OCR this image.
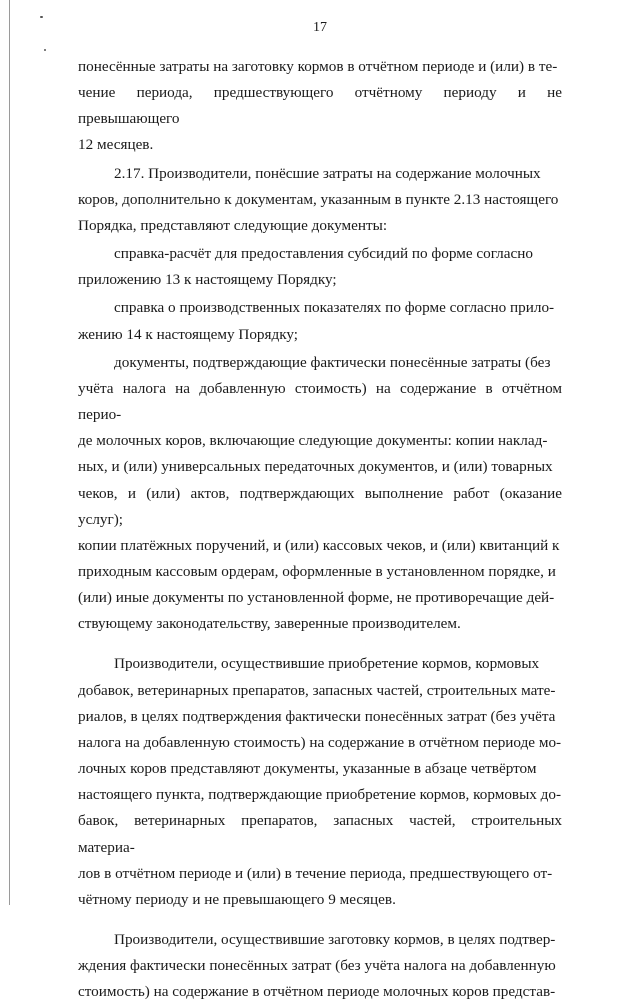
17

понесённые затраты на заготовку кормов в отчётном периоде и (или) в те-
чение периода, предшествующего отчётному периоду и не превышающего
12 месяцев.

2.17. Производители, понёсшие затраты на содержание молочных
коров, дополнительно к документам, указанным в пункте 2.13 настоящего
Порядка, представляют следующие документы:

справка-расчёт для предоставления субсидий по форме согласно
приложению 13 к настоящему Порядку;

справка о производственных показателях по форме согласно прило-
жению 14 к настоящему Порядку;

документы, подтверждающие фактически понесённые затраты (без
учёта налога на добавленную стоимость) на содержание в отчётном перио-
де молочных коров, включающие следующие документы: копии наклад-
ных, и (или) универсальных передаточных документов, и (или) товарных
чеков, и (или) актов, подтверждающих выполнение работ (оказание услуг);
копии платёжных поручений, и (или) кассовых чеков, и (или) квитанций к
приходным кассовым ордерам, оформленные в установленном порядке, и
(или) иные документы по установленной форме, не противоречащие дей-
ствующему законодательству, заверенные производителем.

Производители, осуществившие приобретение кормов, кормовых
добавок, ветеринарных препаратов, запасных частей, строительных мате-
риалов, в целях подтверждения фактически понесённых затрат (без учёта
налога на добавленную стоимость) на содержание в отчётном периоде мо-
лочных коров представляют документы, указанные в абзаце четвёртом
настоящего пункта, подтверждающие приобретение кормов, кормовых до-
бавок, ветеринарных препаратов, запасных частей, строительных материа-
лов в отчётном периоде и (или) в течение периода, предшествующего от-
чётному периоду и не превышающего 9 месяцев.

Производители, осуществившие заготовку кормов, в целях подтвер-
ждения фактически понесённых затрат (без учёта налога на добавленную
стоимость) на содержание в отчётном периоде молочных коров представ-
